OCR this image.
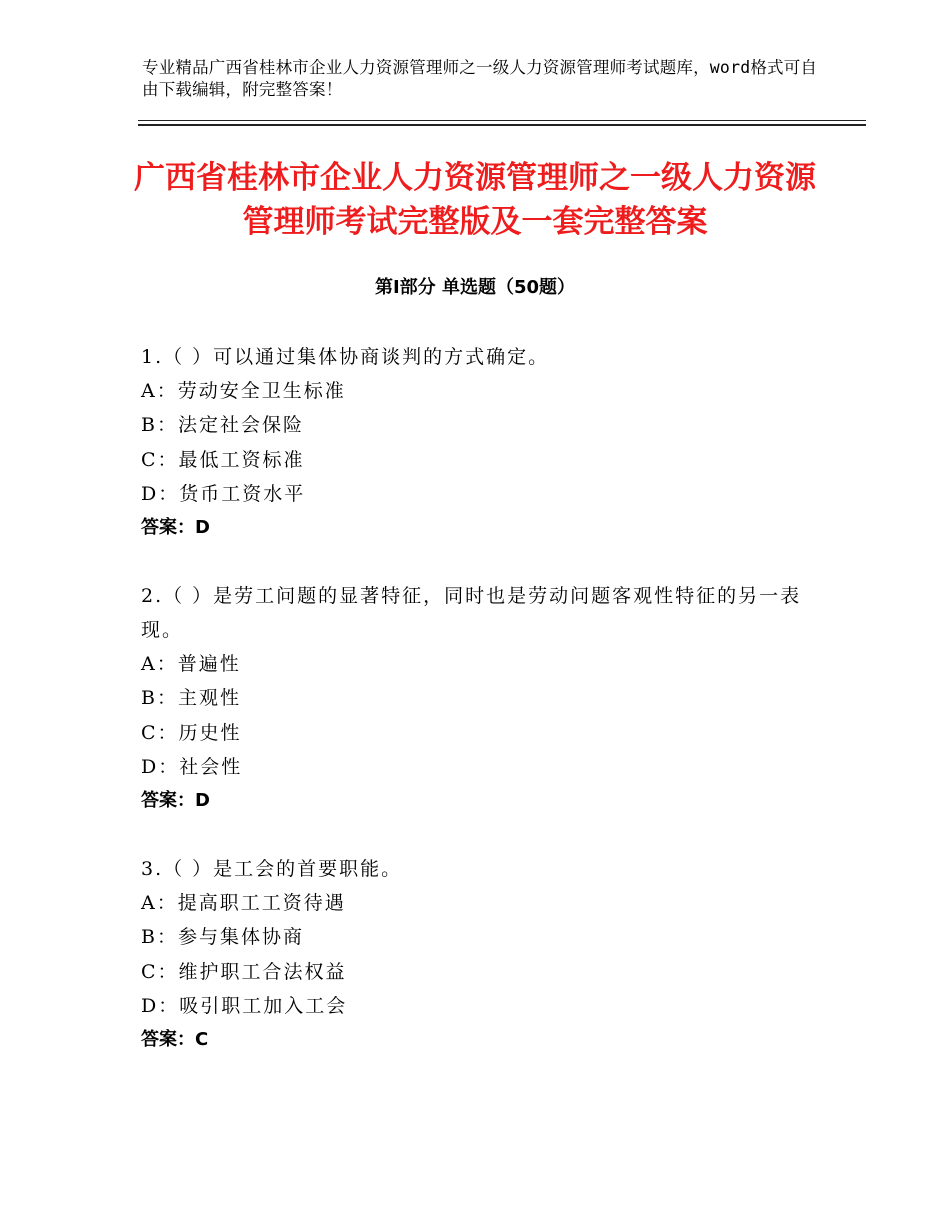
专业精品广西省桂林市企业人力资源管理师之一级人力资源管理师考试题库，word格式可自由下载编辑，附完整答案！
广西省桂林市企业人力资源管理师之一级人力资源管理师考试完整版及一套完整答案
第Ⅰ部分 单选题（50题）
1.（ ）可以通过集体协商谈判的方式确定。
A：劳动安全卫生标准
B：法定社会保险
C：最低工资标准
D：货币工资水平
答案：D
2.（ ）是劳工问题的显著特征，同时也是劳动问题客观性特征的另一表现。
A：普遍性
B：主观性
C：历史性
D：社会性
答案：D
3.（ ）是工会的首要职能。
A：提高职工工资待遇
B：参与集体协商
C：维护职工合法权益
D：吸引职工加入工会
答案：C
